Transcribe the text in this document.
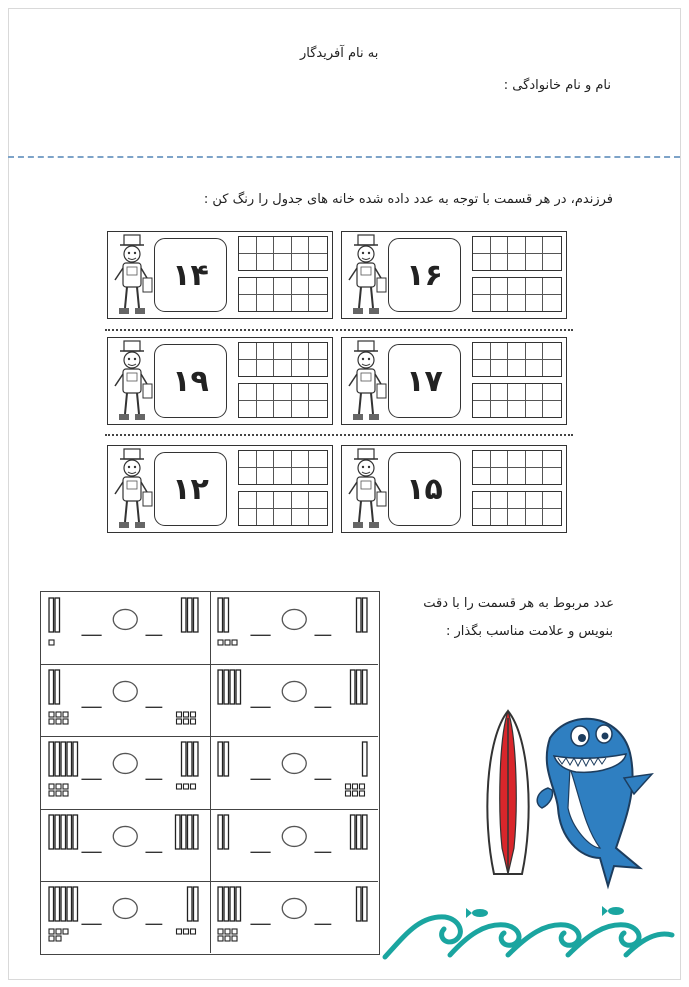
به نام آفریدگار
نام و نام خانوادگی :
فرزندم، در هر قسمت با توجه به عدد داده شده خانه های جدول را رنگ کن :
۱۶
۱۴
۱۷
۱۹
۱۵
۱۲
عدد مربوط به هر قسمت را با دقت
بنویس و علامت مناسب بگذار :
